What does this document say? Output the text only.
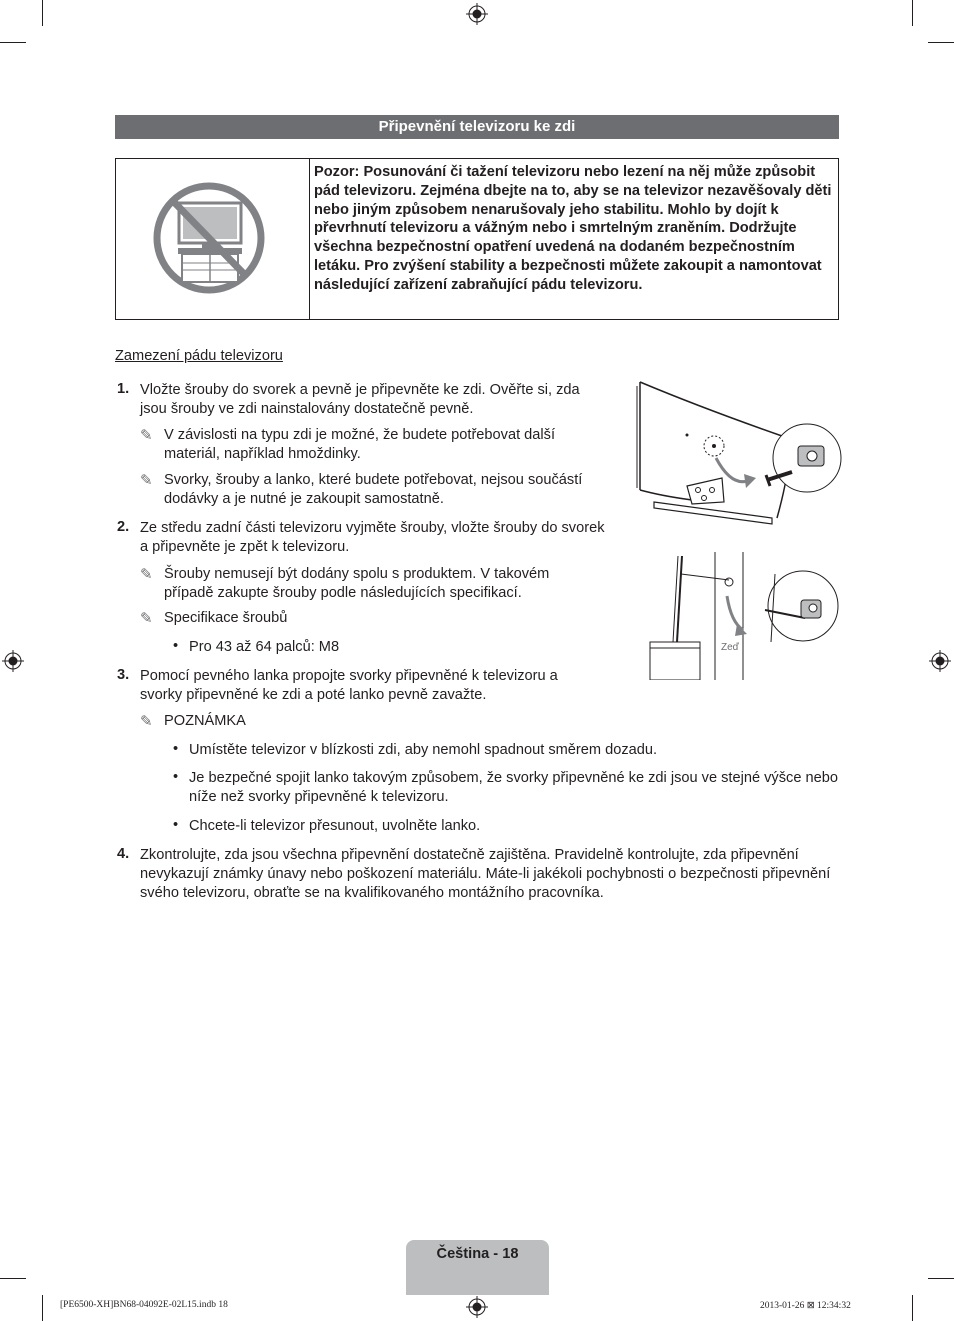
Připevnění televizoru ke zdi
Pozor: Posunování či tažení televizoru nebo lezení na něj může způsobit pád televizoru. Zejména dbejte na to, aby se na televizor nezavěšovaly děti nebo jiným způsobem nenarušovaly jeho stabilitu. Mohlo by dojít k převrhnutí televizoru a vážným nebo i smrtelným zraněním. Dodržujte všechna bezpečnostní opatření uvedená na dodaném bezpečnostním letáku. Pro zvýšení stability a bezpečnosti můžete zakoupit a namontovat následující zařízení zabraňující pádu televizoru.
Zamezení pádu televizoru
1. Vložte šrouby do svorek a pevně je připevněte ke zdi. Ověřte si, zda jsou šrouby ve zdi nainstalovány dostatečně pevně.
✎ V závislosti na typu zdi je možné, že budete potřebovat další materiál, například hmoždinky.
✎ Svorky, šrouby a lanko, které budete potřebovat, nejsou součástí dodávky a je nutné je zakoupit samostatně.
2. Ze středu zadní části televizoru vyjměte šrouby, vložte šrouby do svorek a připevněte je zpět k televizoru.
✎ Šrouby nemusejí být dodány spolu s produktem. V takovém případě zakupte šrouby podle následujících specifikací.
✎ Specifikace šroubů
• Pro 43 až 64 palců: M8
3. Pomocí pevného lanka propojte svorky připevněné k televizoru a svorky připevněné ke zdi a poté lanko pevně zavažte.
✎ POZNÁMKA
• Umístěte televizor v blízkosti zdi, aby nemohl spadnout směrem dozadu.
• Je bezpečné spojit lanko takovým způsobem, že svorky připevněné ke zdi jsou ve stejné výšce nebo níže než svorky připevněné k televizoru.
• Chcete-li televizor přesunout, uvolněte lanko.
4. Zkontrolujte, zda jsou všechna připevnění dostatečně zajištěna. Pravidelně kontrolujte, zda připevnění nevykazují známky únavy nebo poškození materiálu. Máte-li jakékoli pochybnosti o bezpečnosti připevnění svého televizoru, obraťte se na kvalifikovaného montážního pracovníka.
Zeď
Čeština - 18
[PE6500-XH]BN68-04092E-02L15.indb 18	2013-01-26 ⊠ 12:34:32
